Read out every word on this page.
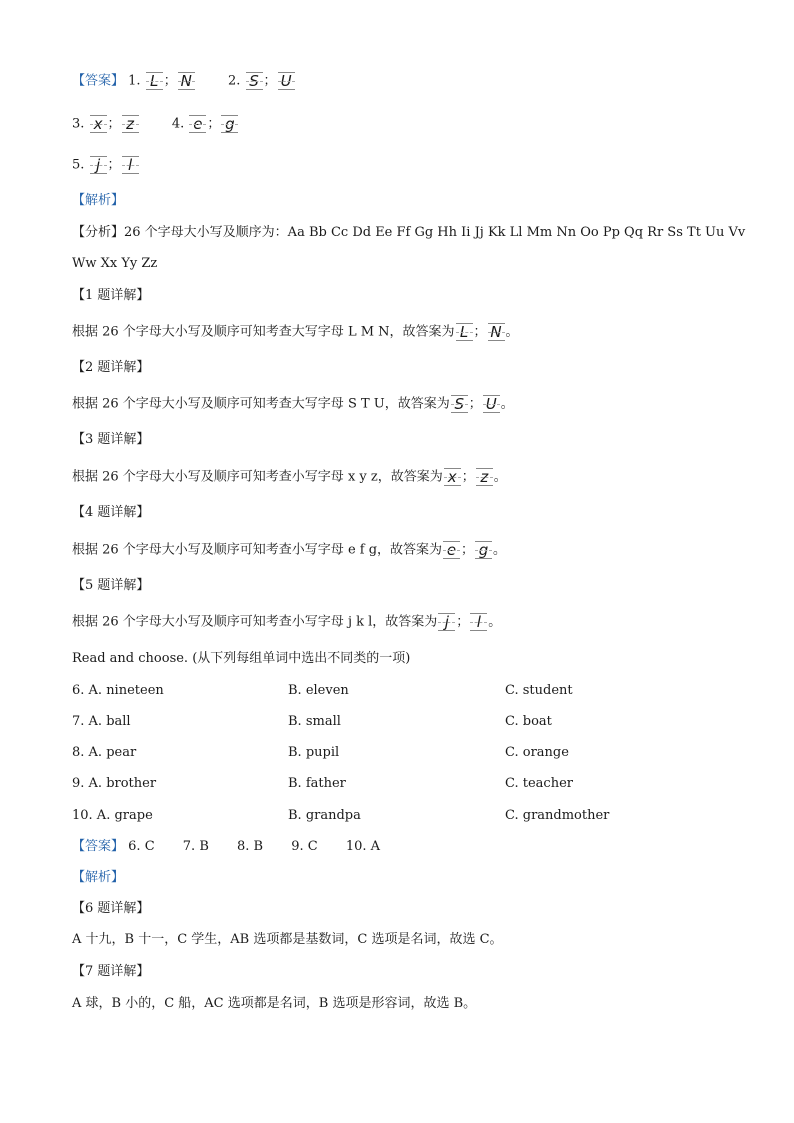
【答案】 1. L ； N	2. S ； U
3. x ； z	4. e ； g
5. j ； l
【解析】
【分析】26 个字母大小写及顺序为：Aa Bb Cc Dd Ee Ff Gg Hh Ii Jj Kk Ll Mm Nn Oo Pp Qq Rr Ss Tt Uu Vv
Ww Xx Yy Zz
【1 题详解】
根据 26 个字母大小写及顺序可知考查大写字母 L M N，故答案为 L ； N 。
【2 题详解】
根据 26 个字母大小写及顺序可知考查大写字母 S T U，故答案为 S ； U 。
【3 题详解】
根据 26 个字母大小写及顺序可知考查小写字母 x y z，故答案为 x ； z 。
【4 题详解】
根据 26 个字母大小写及顺序可知考查小写字母 e f g，故答案为 e ； g 。
【5 题详解】
根据 26 个字母大小写及顺序可知考查小写字母 j k l，故答案为 j ； l 。
Read and choose. (从下列每组单词中选出不同类的一项)
6. A. nineteen	B. eleven	C. student
7. A. ball	B. small	C. boat
8. A. pear	B. pupil	C. orange
9. A. brother	B. father	C. teacher
10. A. grape	B. grandpa	C. grandmother
【答案】 6. C 7. B 8. B 9. C 10. A
【解析】
【6 题详解】
A 十九，B 十一，C 学生，AB 选项都是基数词，C 选项是名词，故选 C。
【7 题详解】
A 球，B 小的，C 船，AC 选项都是名词，B 选项是形容词，故选 B。
